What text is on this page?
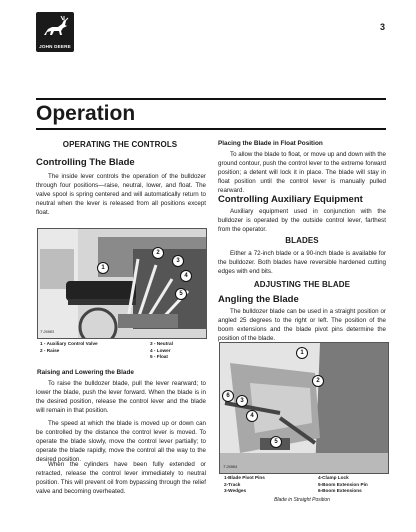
JOHN DEERE
3
Operation
OPERATING THE CONTROLS
Controlling The Blade

The inside lever controls the operation of the bulldozer through four positions—raise, neutral, lower, and float. The valve spool is spring centered and will automatically return to neutral when the lever is released from all positions except float.

T 26983
1 - Auxiliary Control Valve
2 - Raise
3 - Neutral
4 - Lower
5 - Float
Raising and Lowering the Blade

To raise the bulldozer blade, pull the lever rearward; to lower the blade, push the lever forward. When the blade is in the desired position, release the control lever and the blade will remain in that position.

The speed at which the blade is moved up or down can be controlled by the distance the control lever is moved. To operate the blade slowly, move the control lever partially; to operate the blade rapidly, move the control all the way to the desired position.

When the cylinders have been fully extended or retracted, release the control lever immediately to neutral position. This will prevent oil from bypassing through the relief valve and becoming overheated.

Placing the Blade in Float Position

To allow the blade to float, or move up and down with the ground contour, push the control lever to the extreme forward position; a detent will lock it in place. The blade will stay in float position until the control lever is manually pulled rearward.

Controlling Auxiliary Equipment

Auxiliary equipment used in conjunction with the bulldozer is operated by the outside control lever, farthest from the operator.

BLADES

Either a 72-inch blade or a 90-inch blade is available for the bulldozer. Both blades have reversible hardened cutting edges with end bits.

ADJUSTING THE BLADE
Angling the Blade

The bulldozer blade can be used in a straight position or angled 25 degrees to the right or left. The position of the boom extensions and the blade pivot pins determine the position of the blade.

T 26984
1-Blade Pivot Pins
2-Track
3-Wedges
4-Clamp Lock
5-Boom Extension Pin
6-Boom Extensions
Blade in Straight Position
1
2
3
4
5
1
2
3
4
5
6
